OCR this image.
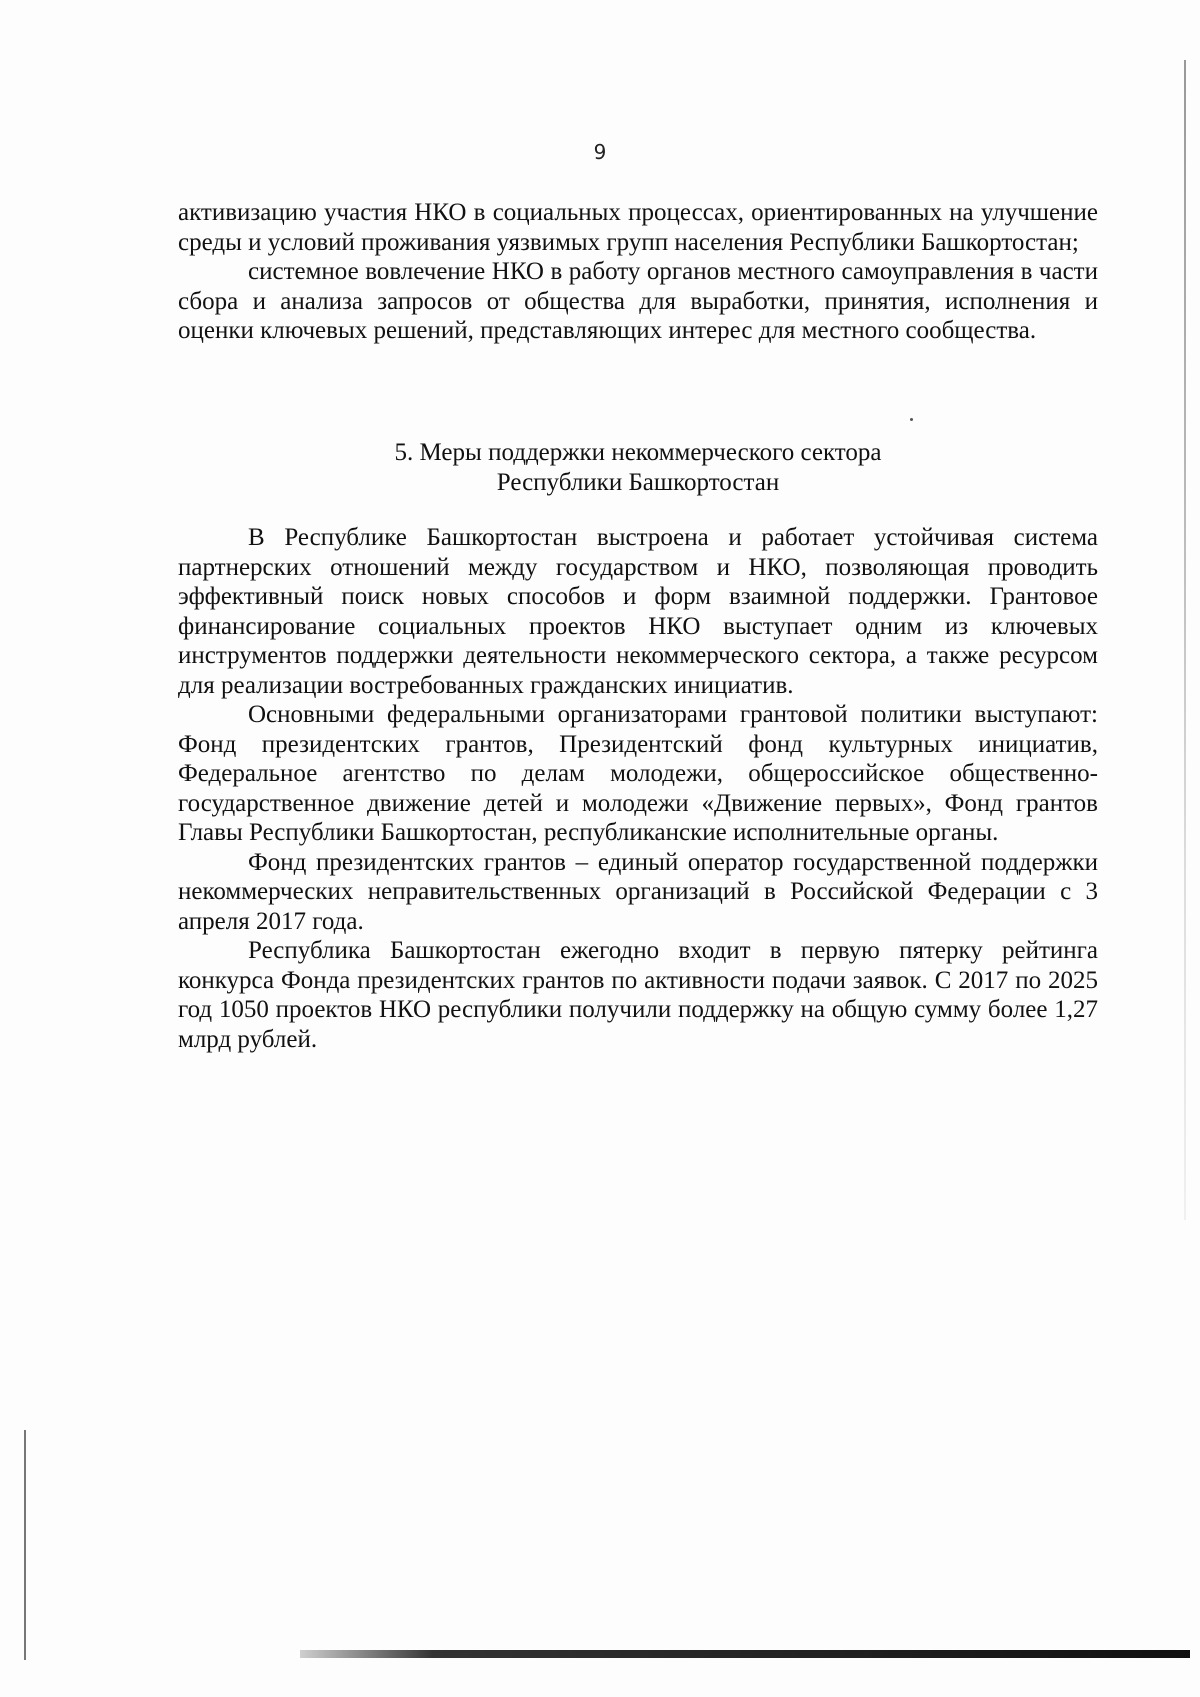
9

активизацию участия НКО в социальных процессах, ориентированных на улучшение среды и условий проживания уязвимых групп населения Республики Башкортостан;

системное вовлечение НКО в работу органов местного самоуправления в части сбора и анализа запросов от общества для выработки, принятия, исполнения и оценки ключевых решений, представляющих интерес для местного сообщества.

5. Меры поддержки некоммерческого сектора
Республики Башкортостан

В Республике Башкортостан выстроена и работает устойчивая система партнерских отношений между государством и НКО, позволяющая проводить эффективный поиск новых способов и форм взаимной поддержки. Грантовое финансирование социальных проектов НКО выступает одним из ключевых инструментов поддержки деятельности некоммерческого сектора, а также ресурсом для реализации востребованных гражданских инициатив.

Основными федеральными организаторами грантовой политики выступают: Фонд президентских грантов, Президентский фонд культурных инициатив, Федеральное агентство по делам молодежи, общероссийское общественно-государственное движение детей и молодежи «Движение первых», Фонд грантов Главы Республики Башкортостан, республиканские исполнительные органы.

Фонд президентских грантов – единый оператор государственной поддержки некоммерческих неправительственных организаций в Российской Федерации с 3 апреля 2017 года.

Республика Башкортостан ежегодно входит в первую пятерку рейтинга конкурса Фонда президентских грантов по активности подачи заявок. С 2017 по 2025 год 1050 проектов НКО республики получили поддержку на общую сумму более 1,27 млрд рублей.
